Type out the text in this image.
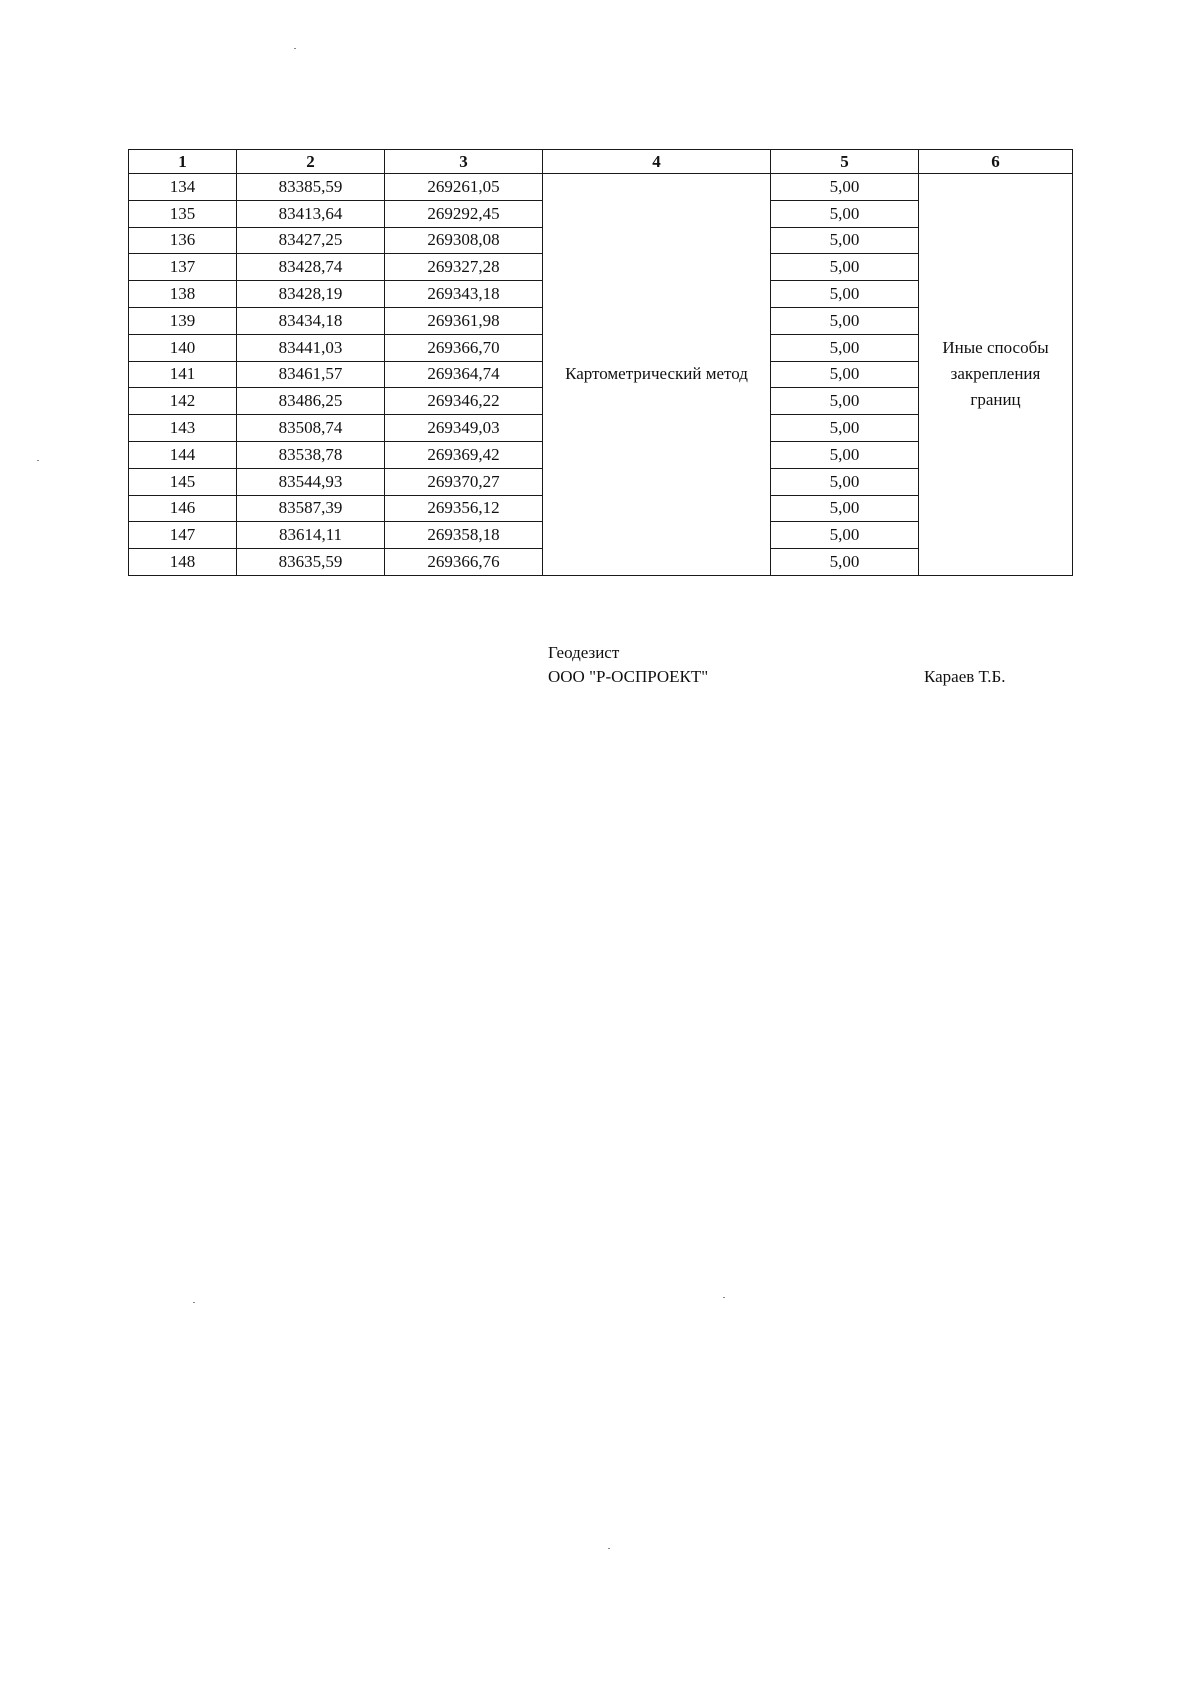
1	2	3	4	5	6
134	83385,59	269261,05	Картометрический метод	5,00	Иные способы закрепления границ
135	83413,64	269292,45		5,00	
136	83427,25	269308,08		5,00	
137	83428,74	269327,28		5,00	
138	83428,19	269343,18		5,00	
139	83434,18	269361,98		5,00	
140	83441,03	269366,70		5,00	
141	83461,57	269364,74		5,00	
142	83486,25	269346,22		5,00	
143	83508,74	269349,03		5,00	
144	83538,78	269369,42		5,00	
145	83544,93	269370,27		5,00	
146	83587,39	269356,12		5,00	
147	83614,11	269358,18		5,00	
148	83635,59	269366,76		5,00	
Геодезист
ООО "Р-ОСПРОЕКТ"	Караев Т.Б.
